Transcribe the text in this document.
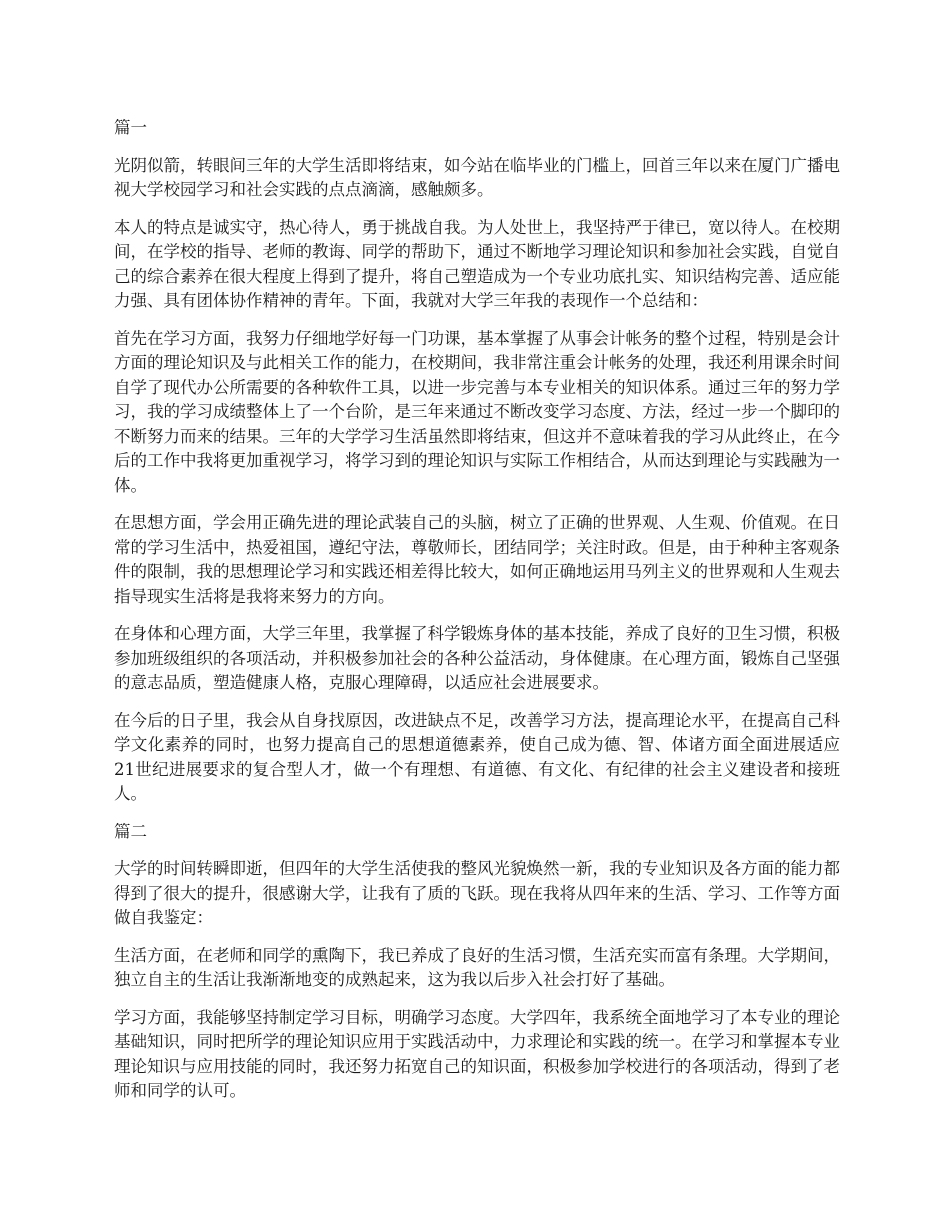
篇一

光阴似箭，转眼间三年的大学生活即将结束，如今站在临毕业的门槛上，回首三年以来在厦门广播电视大学校园学习和社会实践的点点滴滴，感触颇多。

本人的特点是诚实守，热心待人，勇于挑战自我。为人处世上，我坚持严于律已，宽以待人。在校期间，在学校的指导、老师的教诲、同学的帮助下，通过不断地学习理论知识和参加社会实践，自觉自己的综合素养在很大程度上得到了提升，将自己塑造成为一个专业功底扎实、知识结构完善、适应能力强、具有团体协作精神的青年。下面，我就对大学三年我的表现作一个总结和：

首先在学习方面，我努力仔细地学好每一门功课，基本掌握了从事会计帐务的整个过程，特别是会计方面的理论知识及与此相关工作的能力，在校期间，我非常注重会计帐务的处理，我还利用课余时间自学了现代办公所需要的各种软件工具，以进一步完善与本专业相关的知识体系。通过三年的努力学习，我的学习成绩整体上了一个台阶，是三年来通过不断改变学习态度、方法，经过一步一个脚印的不断努力而来的结果。三年的大学学习生活虽然即将结束，但这并不意味着我的学习从此终止，在今后的工作中我将更加重视学习，将学习到的理论知识与实际工作相结合，从而达到理论与实践融为一体。

在思想方面，学会用正确先进的理论武装自己的头脑，树立了正确的世界观、人生观、价值观。在日常的学习生活中，热爱祖国，遵纪守法，尊敬师长，团结同学；关注时政。但是，由于种种主客观条件的限制，我的思想理论学习和实践还相差得比较大，如何正确地运用马列主义的世界观和人生观去指导现实生活将是我将来努力的方向。

在身体和心理方面，大学三年里，我掌握了科学锻炼身体的基本技能，养成了良好的卫生习惯，积极参加班级组织的各项活动，并积极参加社会的各种公益活动，身体健康。在心理方面，锻炼自己坚强的意志品质，塑造健康人格，克服心理障碍，以适应社会进展要求。

在今后的日子里，我会从自身找原因，改进缺点不足，改善学习方法，提高理论水平，在提高自己科学文化素养的同时，也努力提高自己的思想道德素养，使自己成为德、智、体诸方面全面进展适应21世纪进展要求的复合型人才，做一个有理想、有道德、有文化、有纪律的社会主义建设者和接班人。

篇二

大学的时间转瞬即逝，但四年的大学生活使我的整风光貌焕然一新，我的专业知识及各方面的能力都得到了很大的提升，很感谢大学，让我有了质的飞跃。现在我将从四年来的生活、学习、工作等方面做自我鉴定：

生活方面，在老师和同学的熏陶下，我已养成了良好的生活习惯，生活充实而富有条理。大学期间，独立自主的生活让我渐渐地变的成熟起来，这为我以后步入社会打好了基础。

学习方面，我能够坚持制定学习目标，明确学习态度。大学四年，我系统全面地学习了本专业的理论基础知识，同时把所学的理论知识应用于实践活动中，力求理论和实践的统一。在学习和掌握本专业理论知识与应用技能的同时，我还努力拓宽自己的知识面，积极参加学校进行的各项活动，得到了老师和同学的认可。
